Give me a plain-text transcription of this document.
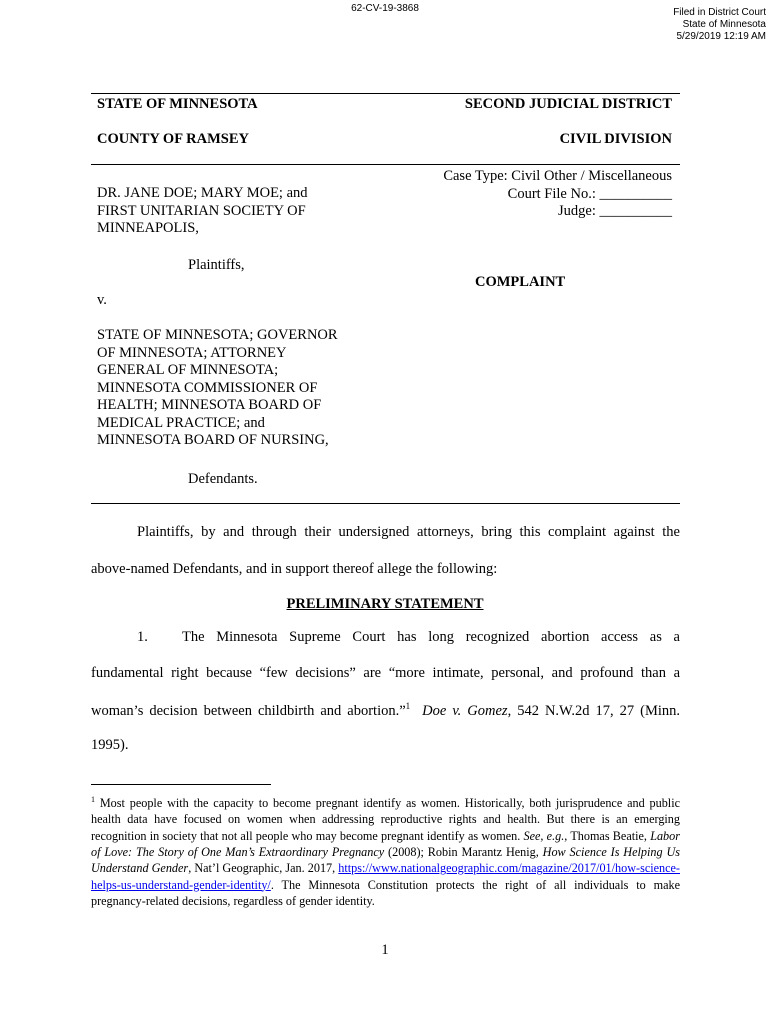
62-CV-19-3868	Filed in District Court
State of Minnesota
5/29/2019 12:19 AM
STATE OF MINNESOTA	SECOND JUDICIAL DISTRICT
COUNTY OF RAMSEY	CIVIL DIVISION
Case Type: Civil Other / Miscellaneous
Court File No.: __________
Judge: __________
DR. JANE DOE; MARY MOE; and
FIRST UNITARIAN SOCIETY OF
MINNEAPOLIS,
Plaintiffs,
COMPLAINT
v.
STATE OF MINNESOTA; GOVERNOR
OF MINNESOTA; ATTORNEY
GENERAL OF MINNESOTA;
MINNESOTA COMMISSIONER OF
HEALTH; MINNESOTA BOARD OF
MEDICAL PRACTICE; and
MINNESOTA BOARD OF NURSING,
Defendants.
Plaintiffs, by and through their undersigned attorneys, bring this complaint against the
above-named Defendants, and in support thereof allege the following:
PRELIMINARY STATEMENT
1. The Minnesota Supreme Court has long recognized abortion access as a
fundamental right because “few decisions” are “more intimate, personal, and profound than a
woman’s decision between childbirth and abortion.”$^1$ Doe v. Gomez, 542 N.W.2d 17, 27 (Minn.
1995).
$^1$ Most people with the capacity to become pregnant identify as women. Historically, both jurisprudence and public health data have focused on women when addressing reproductive rights and health. But there is an emerging recognition in society that not all people who may become pregnant identify as women. See, e.g., Thomas Beatie, Labor of Love: The Story of One Man’s Extraordinary Pregnancy (2008); Robin Marantz Henig, How Science Is Helping Us Understand Gender, Nat’l Geographic, Jan. 2017, https://www.nationalgeographic.com/magazine/2017/01/how-science-helps-us-understand-gender-identity/. The Minnesota Constitution protects the right of all individuals to make pregnancy-related decisions, regardless of gender identity.
1
